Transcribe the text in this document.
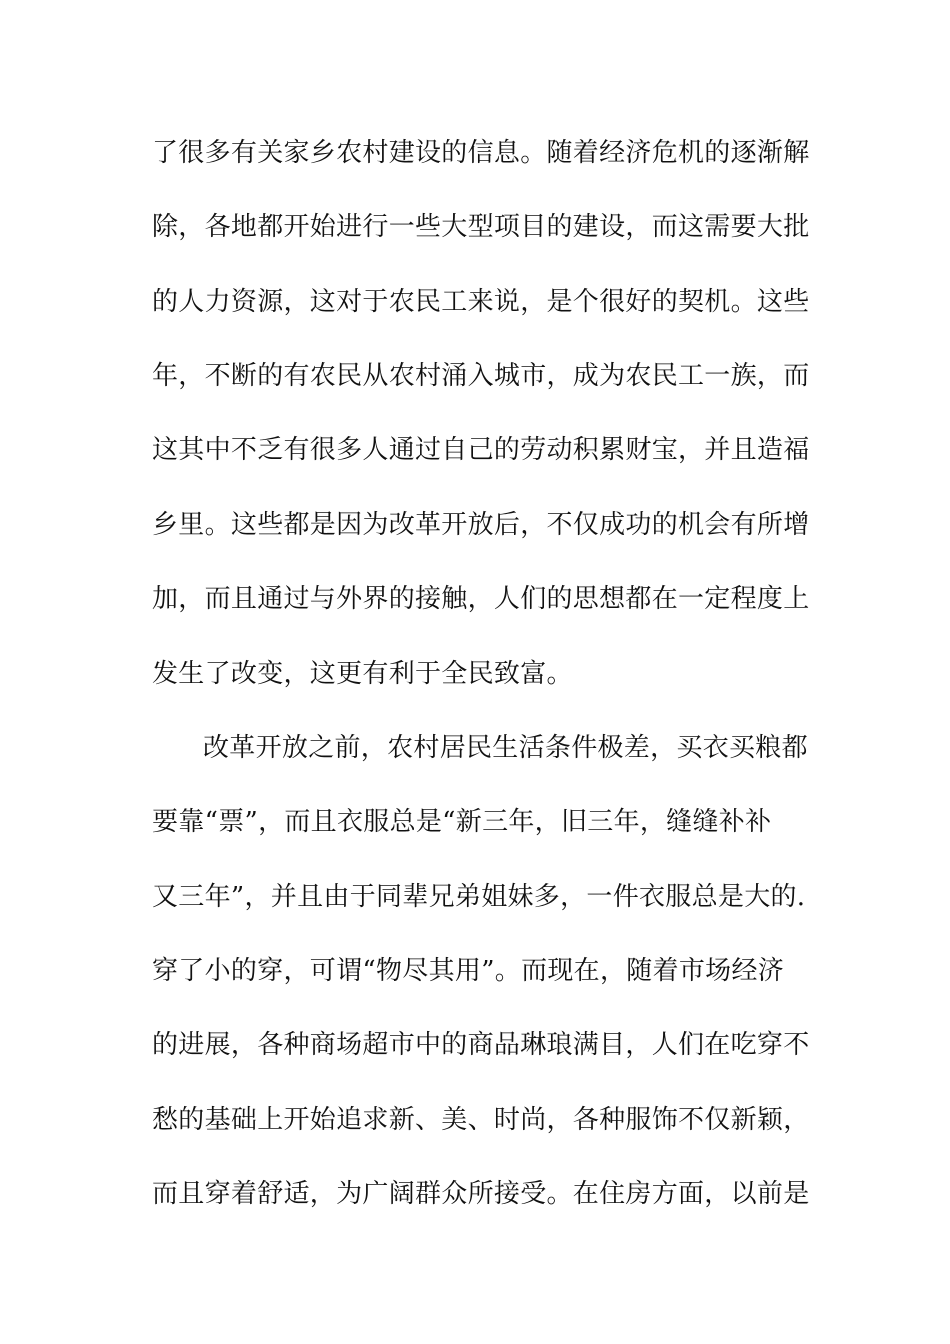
了很多有关家乡农村建设的信息。随着经济危机的逐渐解
除，各地都开始进行一些大型项目的建设，而这需要大批
的人力资源，这对于农民工来说，是个很好的契机。这些
年，不断的有农民从农村涌入城市，成为农民工一族，而
这其中不乏有很多人通过自己的劳动积累财宝，并且造福
乡里。这些都是因为改革开放后，不仅成功的机会有所增
加，而且通过与外界的接触，人们的思想都在一定程度上
发生了改变，这更有利于全民致富。
改革开放之前，农村居民生活条件极差，买衣买粮都
要靠“票”，而且衣服总是“新三年，旧三年，缝缝补补
又三年”，并且由于同辈兄弟姐妹多，一件衣服总是大的.
穿了小的穿，可谓“物尽其用”。而现在，随着市场经济
的进展，各种商场超市中的商品琳琅满目，人们在吃穿不
愁的基础上开始追求新、美、时尚，各种服饰不仅新颖，
而且穿着舒适，为广阔群众所接受。在住房方面，以前是
